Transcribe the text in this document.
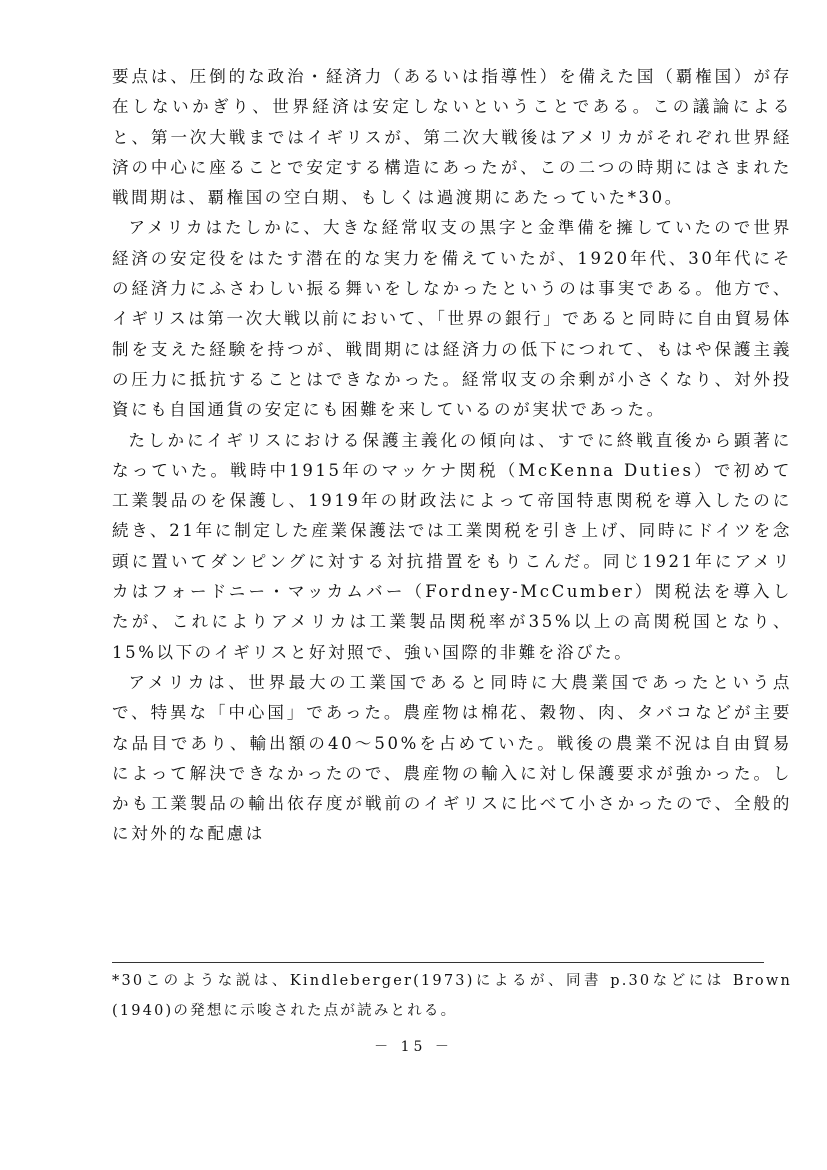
要点は、圧倒的な政治・経済力（あるいは指導性）を備えた国（覇権国）が存在しないかぎり、世界経済は安定しないということである。この議論によると、第一次大戦まではイギリスが、第二次大戦後はアメリカがそれぞれ世界経済の中心に座ることで安定する構造にあったが、この二つの時期にはさまれた戦間期は、覇権国の空白期、もしくは過渡期にあたっていた*30。

アメリカはたしかに、大きな経常収支の黒字と金準備を擁していたので世界経済の安定役をはたす潜在的な実力を備えていたが、1920年代、30年代にその経済力にふさわしい振る舞いをしなかったというのは事実である。他方で、イギリスは第一次大戦以前において、「世界の銀行」であると同時に自由貿易体制を支えた経験を持つが、戦間期には経済力の低下につれて、もはや保護主義の圧力に抵抗することはできなかった。経常収支の余剰が小さくなり、対外投資にも自国通貨の安定にも困難を来しているのが実状であった。

たしかにイギリスにおける保護主義化の傾向は、すでに終戦直後から顕著になっていた。戦時中1915年のマッケナ関税（McKenna Duties）で初めて工業製品のを保護し、1919年の財政法によって帝国特恵関税を導入したのに続き、21年に制定した産業保護法では工業関税を引き上げ、同時にドイツを念頭に置いてダンピングに対する対抗措置をもりこんだ。同じ1921年にアメリカはフォードニー・マッカムバー（Fordney-McCumber）関税法を導入したが、これによりアメリカは工業製品関税率が35%以上の高関税国となり、15%以下のイギリスと好対照で、強い国際的非難を浴びた。

アメリカは、世界最大の工業国であると同時に大農業国であったという点で、特異な「中心国」であった。農産物は棉花、穀物、肉、タバコなどが主要な品目であり、輸出額の40〜50%を占めていた。戦後の農業不況は自由貿易によって解決できなかったので、農産物の輸入に対し保護要求が強かった。しかも工業製品の輸出依存度が戦前のイギリスに比べて小さかったので、全般的に対外的な配慮は

*30このような説は、Kindleberger(1973)によるが、同書 p.30などには Brown (1940)の発想に示唆された点が読みとれる。
－ 15 －
